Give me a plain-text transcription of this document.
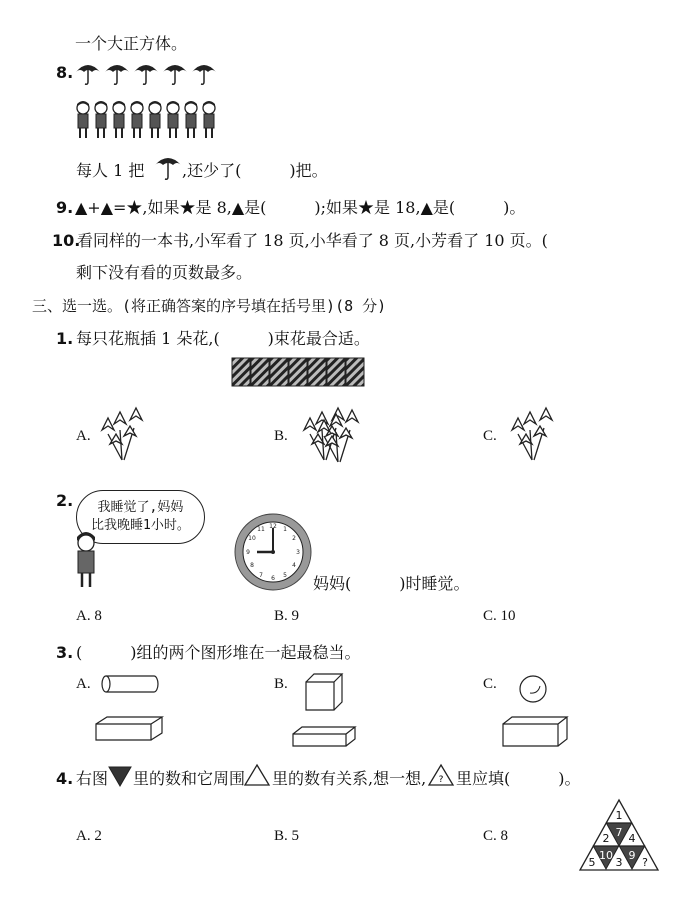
一个大正方体。
8.
每人 1 把 ,还少了(　　　)把。
9. ▲+▲=★,如果★是 8,▲是(　　　);如果★是 18,▲是(　　　)。
10.
看同样的一本书,小军看了 18 页,小华看了 8 页,小芳看了 10 页。(
剩下没有看的页数最多。
三、选一选。(将正确答案的序号填在括号里)(8 分)
1. 每只花瓶插 1 朵花,(　　　)束花最合适。
A.	B.	C.
2.	我睡觉了,妈妈
比我晚睡1小时。	12 1
2
3
4
5
6
7
8
9
10
11
妈妈(　　　)时睡觉。
A. 8	B. 9	C. 10
3. (　　　)组的两个图形堆在一起最稳当。
A.	B.	C.
4. 右图 里的数和它周围 里的数有关系,想一想, ? 里应填(　　　)。
A. 2	B. 5	C. 8
1
7
2 4
5
10
3
9
?
